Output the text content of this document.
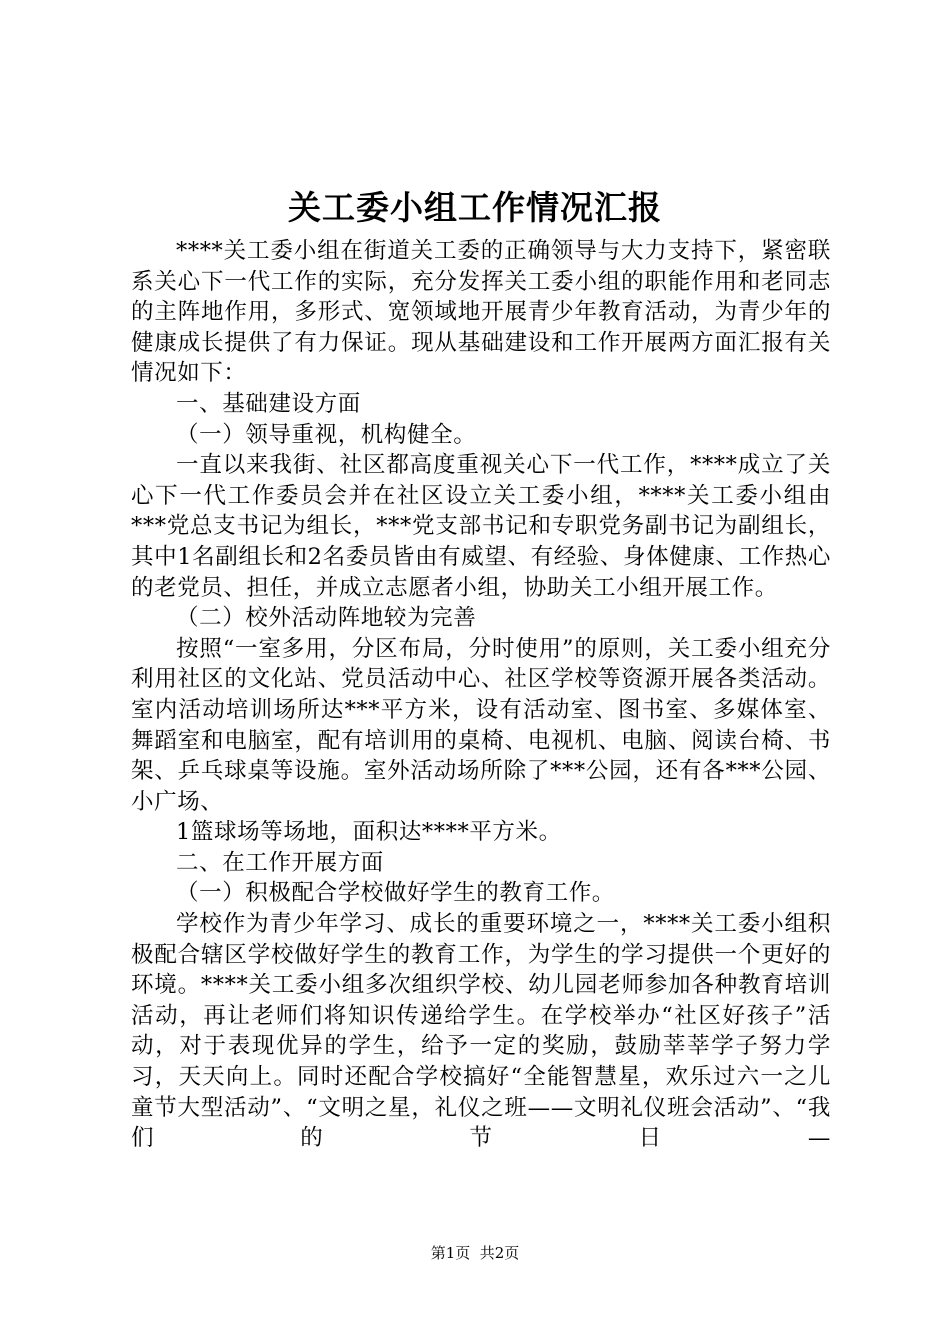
关工委小组工作情况汇报

****关工委小组在街道关工委的正确领导与大力支持下，紧密联系关心下一代工作的实际，充分发挥关工委小组的职能作用和老同志的主阵地作用，多形式、宽领域地开展青少年教育活动，为青少年的健康成长提供了有力保证。现从基础建设和工作开展两方面汇报有关情况如下：

一、基础建设方面

（一）领导重视，机构健全。

一直以来我街、社区都高度重视关心下一代工作，****成立了关心下一代工作委员会并在社区设立关工委小组，****关工委小组由***党总支书记为组长，***党支部书记和专职党务副书记为副组长，其中1名副组长和2名委员皆由有威望、有经验、身体健康、工作热心的老党员、担任，并成立志愿者小组，协助关工小组开展工作。

（二）校外活动阵地较为完善

按照“一室多用，分区布局，分时使用”的原则，关工委小组充分利用社区的文化站、党员活动中心、社区学校等资源开展各类活动。室内活动培训场所达***平方米，设有活动室、图书室、多媒体室、舞蹈室和电脑室，配有培训用的桌椅、电视机、电脑、阅读台椅、书架、乒乓球桌等设施。室外活动场所除了***公园，还有各***公园、小广场、

1篮球场等场地，面积达****平方米。

二、在工作开展方面

（一）积极配合学校做好学生的教育工作。

学校作为青少年学习、成长的重要环境之一，****关工委小组积极配合辖区学校做好学生的教育工作，为学生的学习提供一个更好的环境。****关工委小组多次组织学校、幼儿园老师参加各种教育培训活动，再让老师们将知识传递给学生。在学校举办“社区好孩子”活动，对于表现优异的学生，给予一定的奖励，鼓励莘莘学子努力学习，天天向上。同时还配合学校搞好“全能智慧星，欢乐过六一之儿童节大型活动”、“文明之星，礼仪之班——文明礼仪班会活动”、“我们的节日—

第1页  共2页
